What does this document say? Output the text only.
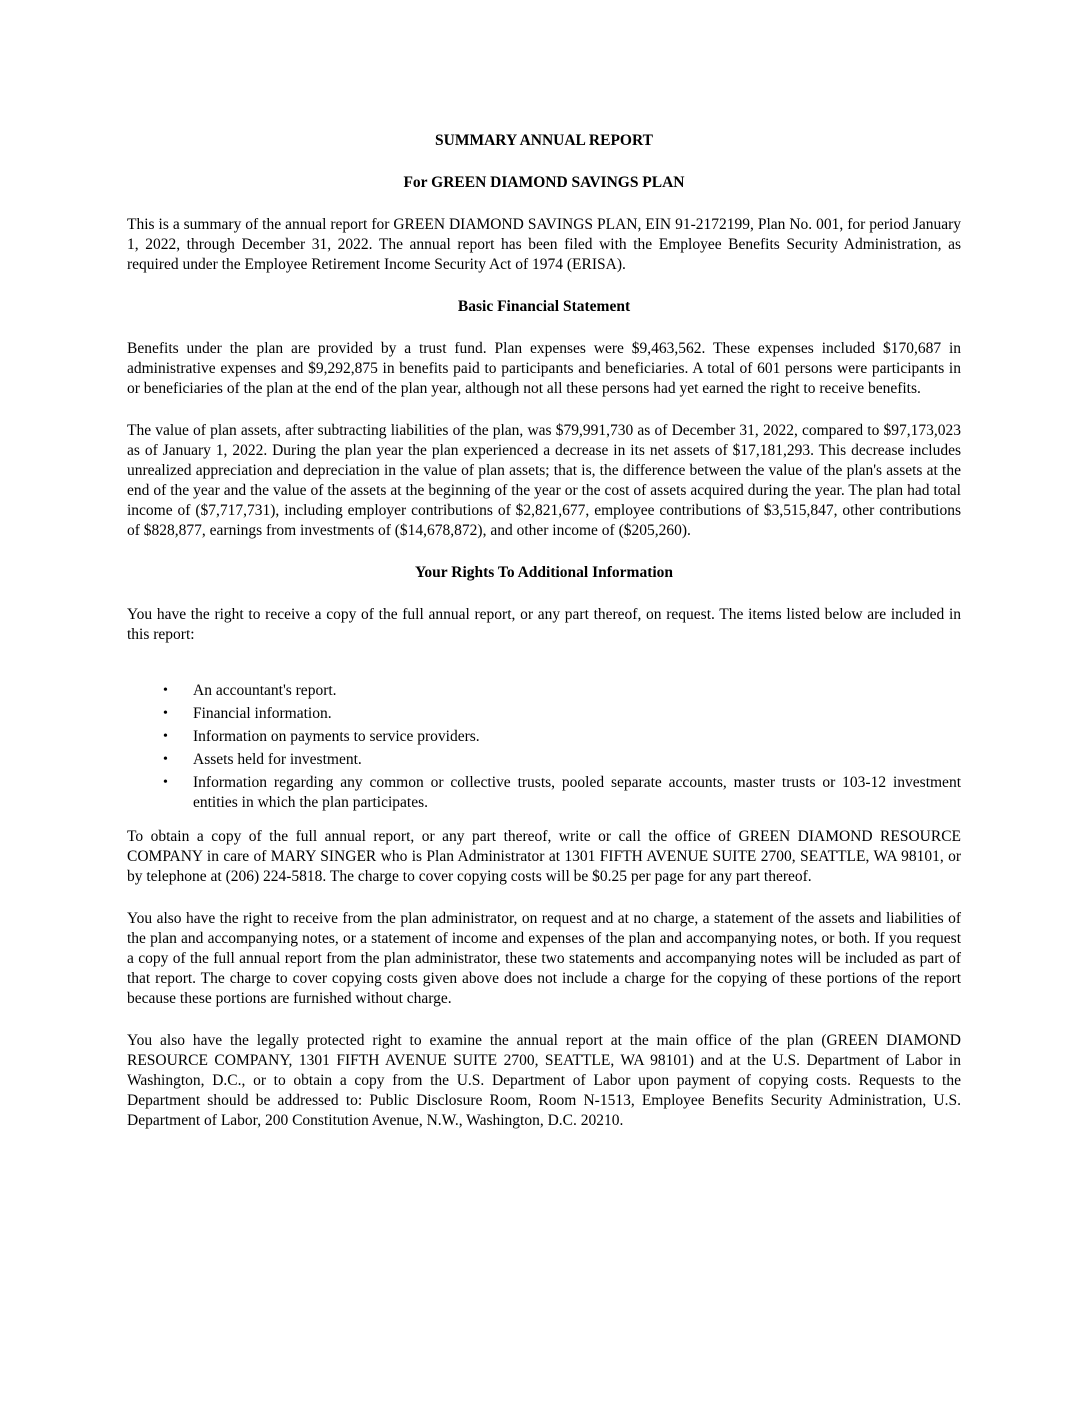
SUMMARY ANNUAL REPORT
For GREEN DIAMOND SAVINGS PLAN

This is a summary of the annual report for GREEN DIAMOND SAVINGS PLAN, EIN 91-2172199, Plan No. 001, for period January 1, 2022, through December 31, 2022. The annual report has been filed with the Employee Benefits Security Administration, as required under the Employee Retirement Income Security Act of 1974 (ERISA).

Basic Financial Statement

Benefits under the plan are provided by a trust fund. Plan expenses were $9,463,562. These expenses included $170,687 in administrative expenses and $9,292,875 in benefits paid to participants and beneficiaries. A total of 601 persons were participants in or beneficiaries of the plan at the end of the plan year, although not all these persons had yet earned the right to receive benefits.

The value of plan assets, after subtracting liabilities of the plan, was $79,991,730 as of December 31, 2022, compared to $97,173,023 as of January 1, 2022. During the plan year the plan experienced a decrease in its net assets of $17,181,293. This decrease includes unrealized appreciation and depreciation in the value of plan assets; that is, the difference between the value of the plan's assets at the end of the year and the value of the assets at the beginning of the year or the cost of assets acquired during the year. The plan had total income of ($7,717,731), including employer contributions of $2,821,677, employee contributions of $3,515,847, other contributions of $828,877, earnings from investments of ($14,678,872), and other income of ($205,260).

Your Rights To Additional Information

You have the right to receive a copy of the full annual report, or any part thereof, on request. The items listed below are included in this report:

• An accountant's report.
• Financial information.
• Information on payments to service providers.
• Assets held for investment.
• Information regarding any common or collective trusts, pooled separate accounts, master trusts or 103-12 investment entities in which the plan participates.

To obtain a copy of the full annual report, or any part thereof, write or call the office of GREEN DIAMOND RESOURCE COMPANY in care of MARY SINGER who is Plan Administrator at 1301 FIFTH AVENUE SUITE 2700, SEATTLE, WA 98101, or by telephone at (206) 224-5818. The charge to cover copying costs will be $0.25 per page for any part thereof.

You also have the right to receive from the plan administrator, on request and at no charge, a statement of the assets and liabilities of the plan and accompanying notes, or a statement of income and expenses of the plan and accompanying notes, or both. If you request a copy of the full annual report from the plan administrator, these two statements and accompanying notes will be included as part of that report. The charge to cover copying costs given above does not include a charge for the copying of these portions of the report because these portions are furnished without charge.

You also have the legally protected right to examine the annual report at the main office of the plan (GREEN DIAMOND RESOURCE COMPANY, 1301 FIFTH AVENUE SUITE 2700, SEATTLE, WA 98101) and at the U.S. Department of Labor in Washington, D.C., or to obtain a copy from the U.S. Department of Labor upon payment of copying costs. Requests to the Department should be addressed to: Public Disclosure Room, Room N-1513, Employee Benefits Security Administration, U.S. Department of Labor, 200 Constitution Avenue, N.W., Washington, D.C. 20210.
